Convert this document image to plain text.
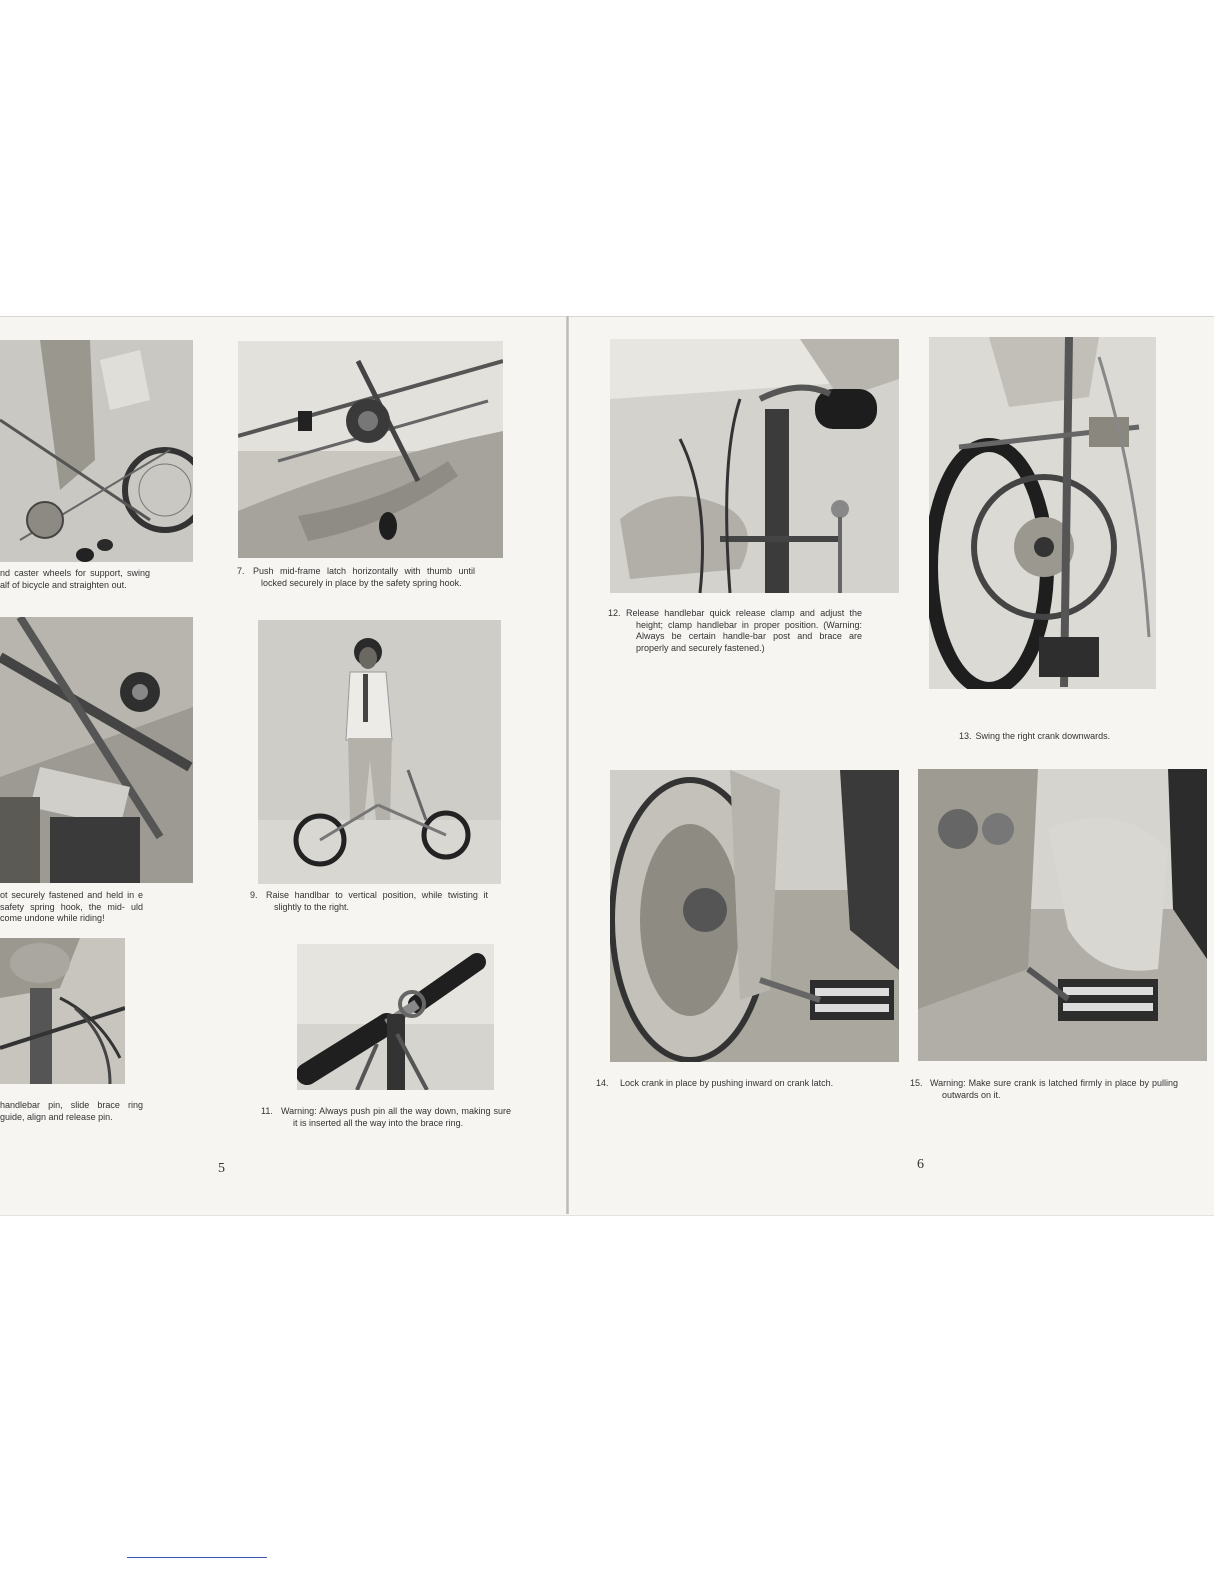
nd caster wheels for support, swing alf of bicycle and straighten out.

Push mid-frame latch horizontally with thumb until locked securely in place by the safety spring hook.

ot securely fastened and held in e safety spring hook, the mid- uld come undone while riding!

Raise handlbar to vertical position, while twisting it slightly to the right.

handlebar pin, slide brace ring guide, align and release pin.

Warning: Always push pin all the way down, making sure it is inserted all the way into the brace ring.

5

Release handlebar quick release clamp and adjust the height; clamp handlebar in proper position. (Warning: Always be certain handle-bar post and brace are properly and securely fastened.)

13. Swing the right crank downwards.

Lock crank in place by pushing inward on crank latch.	Warning: Make sure crank is latched firmly in place by pulling outwards on it.

6
